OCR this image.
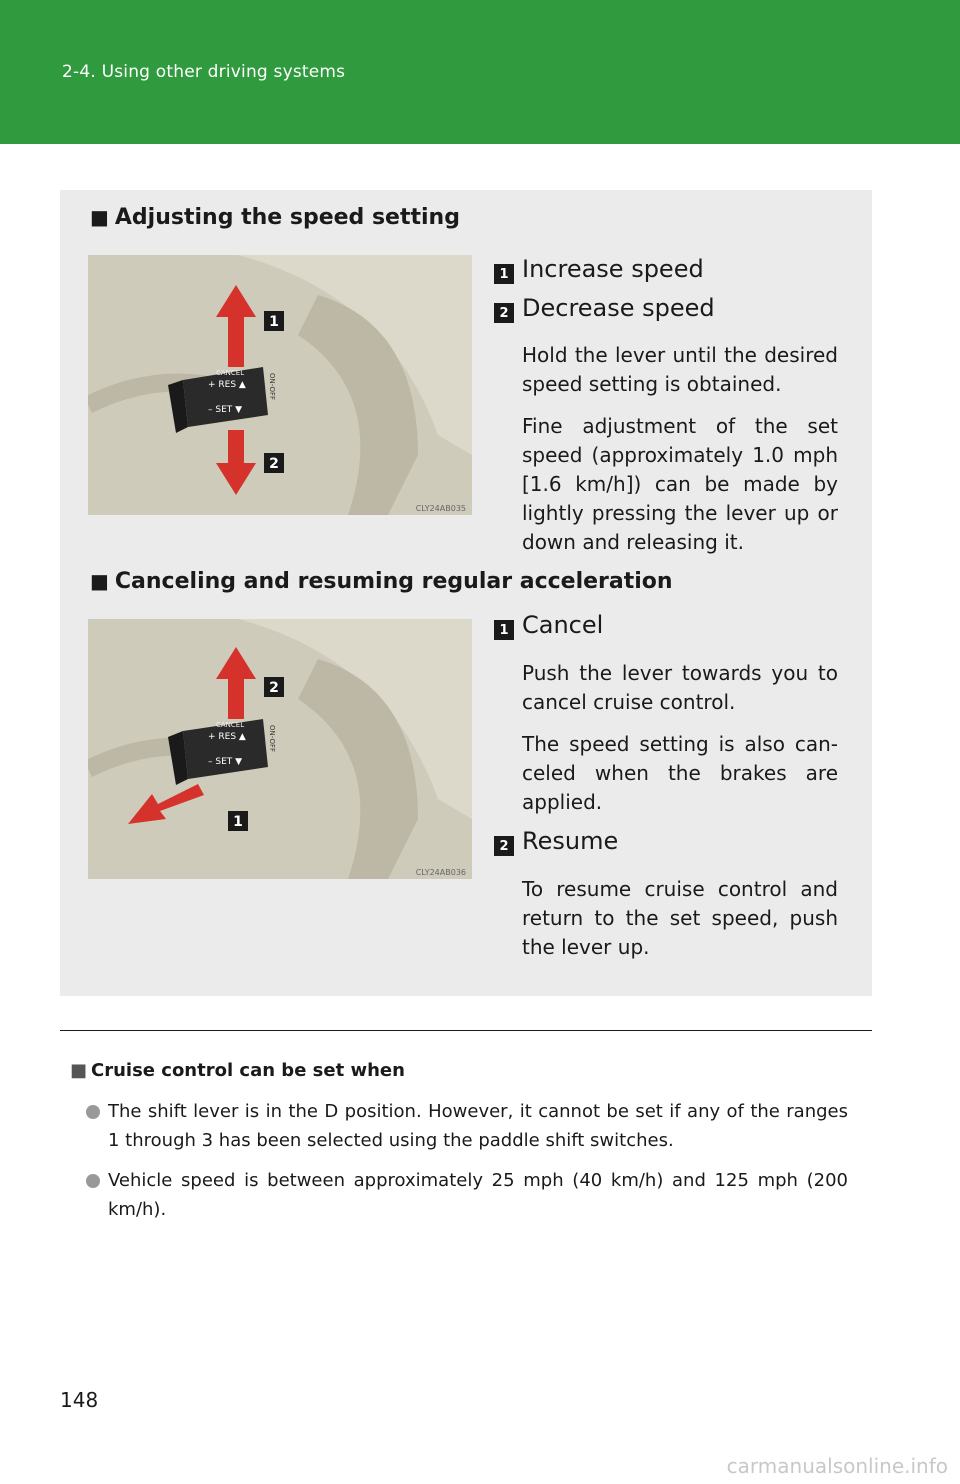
2-4. Using other driving systems
■ Adjusting the speed setting
CANCEL
+ RES ▲
– SET ▼
ON-OFF
1
2
CLY24AB035
1 Increase speed
2 Decrease speed
Hold the lever until the desired speed setting is obtained.
Fine adjustment of the set speed (approximately 1.0 mph [1.6 km/h]) can be made by lightly pressing the lever up or down and releasing it.
■ Canceling and resuming regular acceleration
CANCEL
+ RES ▲
– SET ▼
ON-OFF
2
1
CLY24AB036
1 Cancel
Push the lever towards you to cancel cruise control.
The speed setting is also can-celed when the brakes are applied.
2 Resume
To resume cruise control and return to the set speed, push the lever up.
■ Cruise control can be set when
The shift lever is in the D position. However, it cannot be set if any of the ranges 1 through 3 has been selected using the paddle shift switches.
Vehicle speed is between approximately 25 mph (40 km/h) and 125 mph (200 km/h).
148
carmanualsonline.info
